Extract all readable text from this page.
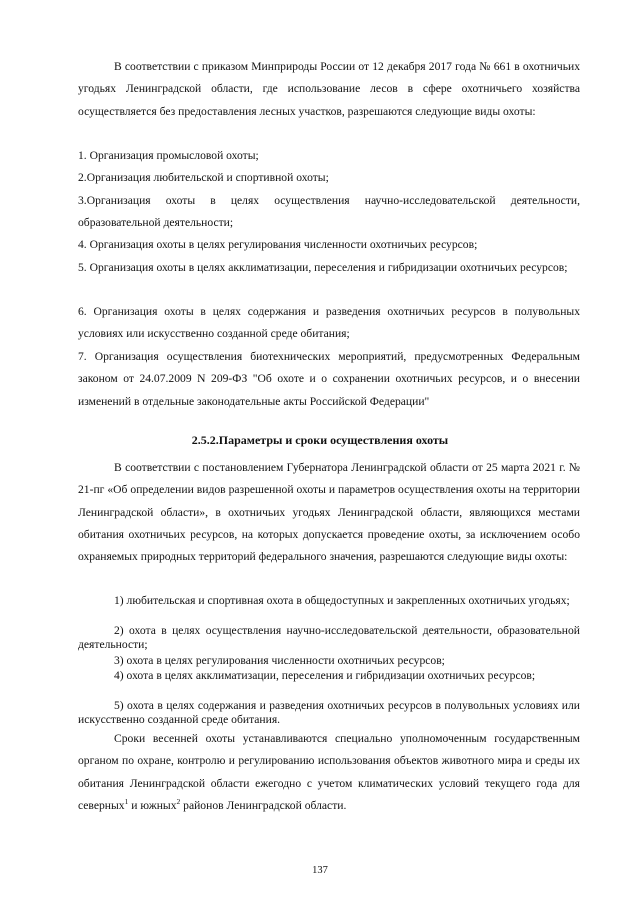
В соответствии с приказом Минприроды России от 12 декабря 2017 года № 661 в охотничьих угодьях Ленинградской области, где использование лесов в сфере охотничьего хозяйства осуществляется без предоставления лесных участков, разрешаются следующие виды охоты:

1. Организация промысловой охоты;

2.Организация любительской и спортивной охоты;

3.Организация охоты в целях осуществления научно-исследовательской деятельности, образовательной деятельности;

4. Организация охоты в целях регулирования численности охотничьих ресурсов;

5. Организация охоты в целях акклиматизации, переселения и гибридизации охотничьих ресурсов;

6. Организация охоты в целях содержания и разведения охотничьих ресурсов в полувольных условиях или искусственно созданной среде обитания;

7. Организация осуществления биотехнических мероприятий, предусмотренных Федеральным законом от 24.07.2009 N 209-ФЗ "Об охоте и о сохранении охотничьих ресурсов, и о внесении изменений в отдельные законодательные акты Российской Федерации"

2.5.2.Параметры и сроки осуществления охоты

В соответствии с постановлением Губернатора Ленинградской области от 25 марта 2021 г. № 21-пг «Об определении видов разрешенной охоты и параметров осуществления охоты на территории Ленинградской области», в охотничьих угодьях Ленинградской области, являющихся местами обитания охотничьих ресурсов, на которых допускается проведение охоты, за исключением особо охраняемых природных территорий федерального значения, разрешаются следующие виды охоты:

1) любительская и спортивная охота в общедоступных и закрепленных охотничьих угодьях;

2) охота в целях осуществления научно-исследовательской деятельности, образовательной деятельности;

3) охота в целях регулирования численности охотничьих ресурсов;

4) охота в целях акклиматизации, переселения и гибридизации охотничьих ресурсов;

5) охота в целях содержания и разведения охотничьих ресурсов в полувольных условиях или искусственно созданной среде обитания.

Сроки весенней охоты устанавливаются специально уполномоченным государственным органом по охране, контролю и регулированию использования объектов животного мира и среды их обитания Ленинградской области ежегодно с учетом климатических условий текущего года для северных$^1$ и южных$^2$ районов Ленинградской области.

137
